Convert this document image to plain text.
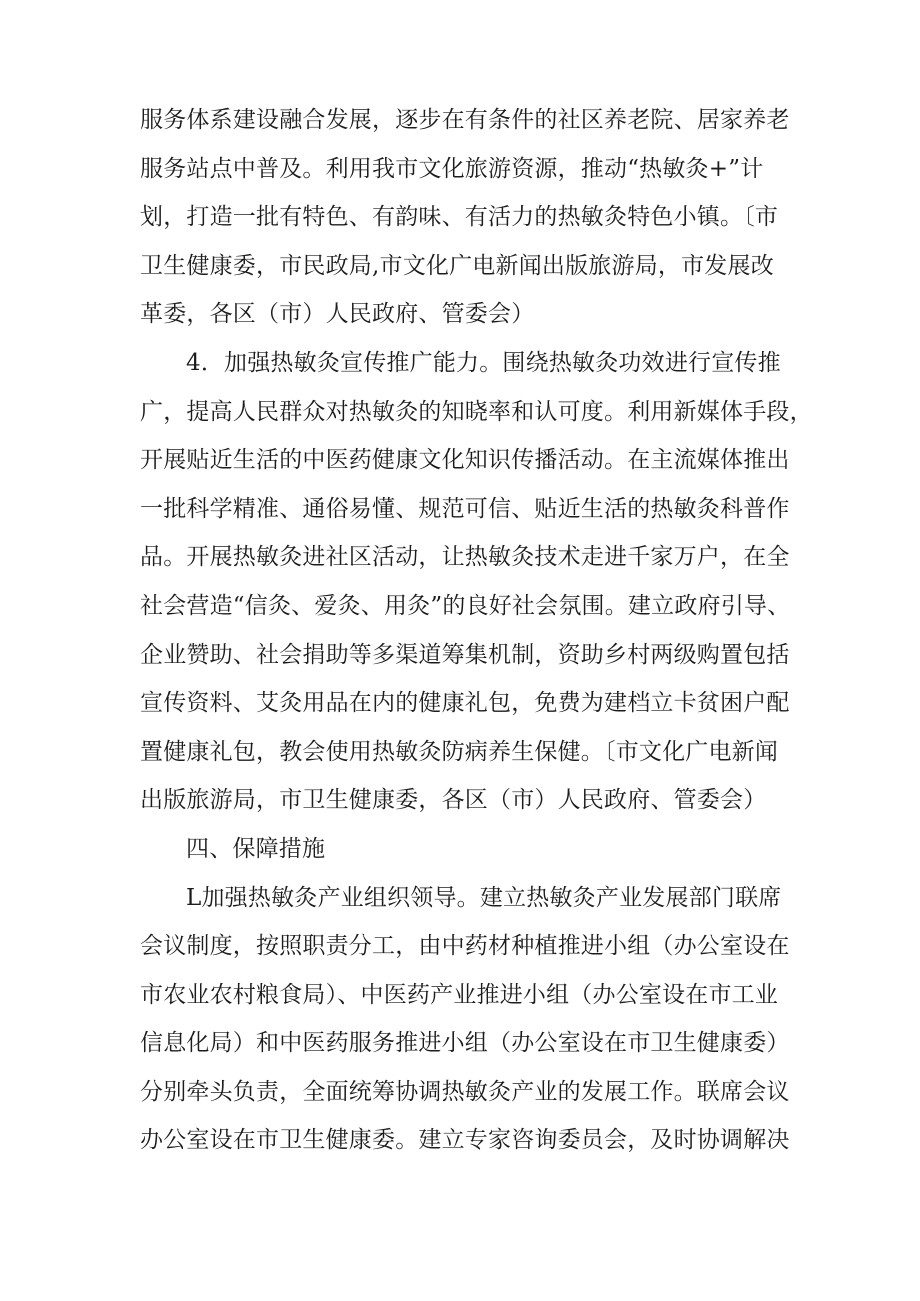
服务体系建设融合发展，逐步在有条件的社区养老院、居家养老
服务站点中普及。利用我市文化旅游资源，推动“热敏灸+”计
划，打造一批有特色、有韵味、有活力的热敏灸特色小镇。〔市
卫生健康委，市民政局,市文化广电新闻出版旅游局，市发展改
革委，各区（市）人民政府、管委会）
4．加强热敏灸宣传推广能力。围绕热敏灸功效进行宣传推
广，提高人民群众对热敏灸的知晓率和认可度。利用新媒体手段，
开展贴近生活的中医药健康文化知识传播活动。在主流媒体推出
一批科学精准、通俗易懂、规范可信、贴近生活的热敏灸科普作
品。开展热敏灸进社区活动，让热敏灸技术走进千家万户，在全
社会营造“信灸、爱灸、用灸”的良好社会氛围。建立政府引导、
企业赞助、社会捐助等多渠道筹集机制，资助乡村两级购置包括
宣传资料、艾灸用品在内的健康礼包，免费为建档立卡贫困户配
置健康礼包，教会使用热敏灸防病养生保健。〔市文化广电新闻
出版旅游局，市卫生健康委，各区（市）人民政府、管委会）
四、保障措施
L加强热敏灸产业组织领导。建立热敏灸产业发展部门联席
会议制度，按照职责分工，由中药材种植推进小组（办公室设在
市农业农村粮食局）、中医药产业推进小组（办公室设在市工业
信息化局）和中医药服务推进小组（办公室设在市卫生健康委）
分别牵头负责，全面统筹协调热敏灸产业的发展工作。联席会议
办公室设在市卫生健康委。建立专家咨询委员会，及时协调解决
